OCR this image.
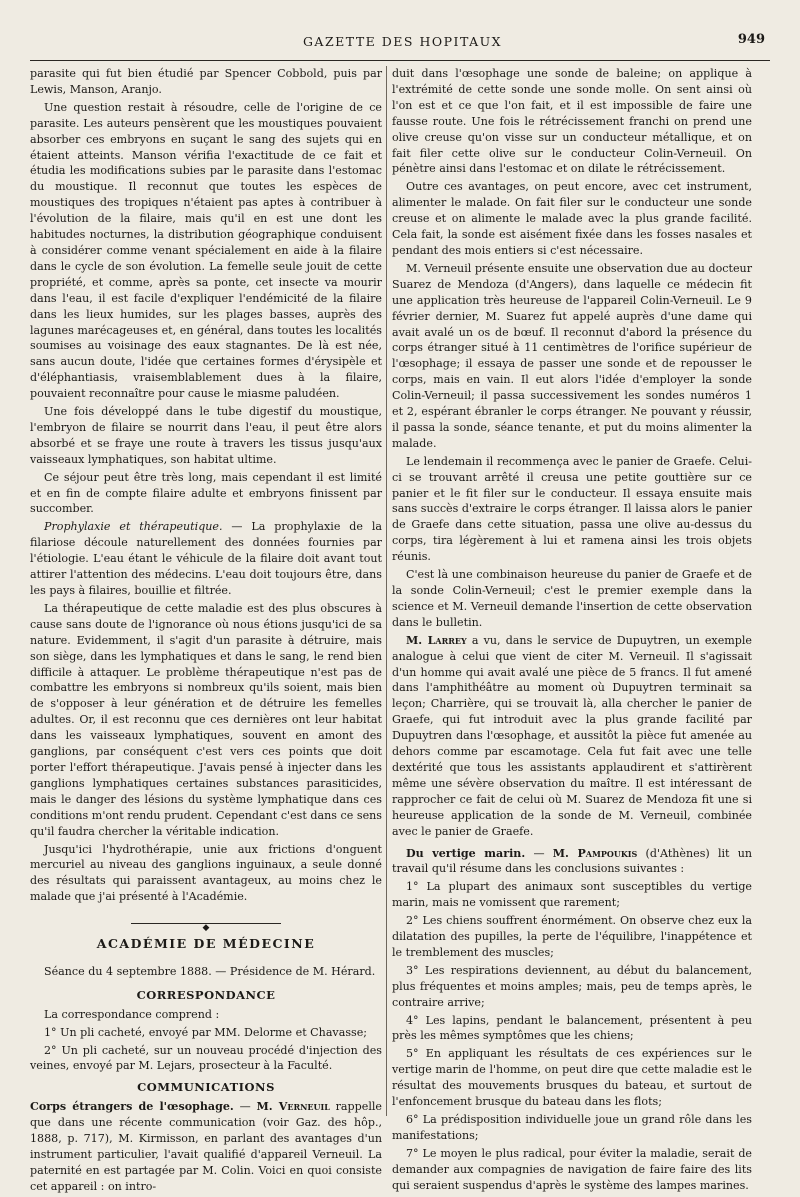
GAZETTE DES HOPITAUX	949

parasite qui fut bien étudié par Spencer Cobbold, puis par Lewis, Manson, Aranjo.

Une question restait à résoudre, celle de l'origine de ce parasite. Les auteurs pensèrent que les moustiques pouvaient absorber ces embryons en suçant le sang des sujets qui en étaient atteints. Manson vérifia l'exactitude de ce fait et étudia les modifications subies par le parasite dans l'estomac du moustique. Il reconnut que toutes les espèces de moustiques des tropiques n'étaient pas aptes à contribuer à l'évolution de la filaire, mais qu'il en est une dont les habitudes nocturnes, la distribution géographique conduisent à considérer comme venant spécialement en aide à la filaire dans le cycle de son évolution. La femelle seule jouit de cette propriété, et comme, après sa ponte, cet insecte va mourir dans l'eau, il est facile d'expliquer l'endémicité de la filaire dans les lieux humides, sur les plages basses, auprès des lagunes marécageuses et, en général, dans toutes les localités soumises au voisinage des eaux stagnantes. De là est née, sans aucun doute, l'idée que certaines formes d'érysipèle et d'éléphantiasis, vraisemblablement dues à la filaire, pouvaient reconnaître pour cause le miasme paludéen.

Une fois développé dans le tube digestif du moustique, l'embryon de filaire se nourrit dans l'eau, il peut être alors absorbé et se fraye une route à travers les tissus jusqu'aux vaisseaux lymphatiques, son habitat ultime.

Ce séjour peut être très long, mais cependant il est limité et en fin de compte filaire adulte et embryons finissent par succomber.

Prophylaxie et thérapeutique. — La prophylaxie de la filariose découle naturellement des données fournies par l'étiologie. L'eau étant le véhicule de la filaire doit avant tout attirer l'attention des médecins. L'eau doit toujours être, dans les pays à filaires, bouillie et filtrée.

La thérapeutique de cette maladie est des plus obscures à cause sans doute de l'ignorance où nous étions jusqu'ici de sa nature. Evidemment, il s'agit d'un parasite à détruire, mais son siège, dans les lymphatiques et dans le sang, le rend bien difficile à attaquer. Le problème thérapeutique n'est pas de combattre les embryons si nombreux qu'ils soient, mais bien de s'opposer à leur génération et de détruire les femelles adultes. Or, il est reconnu que ces dernières ont leur habitat dans les vaisseaux lymphatiques, souvent en amont des ganglions, par conséquent c'est vers ces points que doit porter l'effort thérapeutique. J'avais pensé à injecter dans les ganglions lymphatiques certaines substances parasiticides, mais le danger des lésions du système lymphatique dans ces conditions m'ont rendu prudent. Cependant c'est dans ce sens qu'il faudra chercher la véritable indication.

Jusqu'ici l'hydrothérapie, unie aux frictions d'onguent mercuriel au niveau des ganglions inguinaux, a seule donné des résultats qui paraissent avantageux, au moins chez le malade que j'ai présenté à l'Académie.

◆
ACADÉMIE DE MÉDECINE

Séance du 4 septembre 1888. — Présidence de M. Hérard.

CORRESPONDANCE

La correspondance comprend :

1° Un pli cacheté, envoyé par MM. Delorme et Chavasse;

2° Un pli cacheté, sur un nouveau procédé d'injection des veines, envoyé par M. Lejars, prosecteur à la Faculté.

COMMUNICATIONS

Corps étrangers de l'œsophage. — M. Verneuil rappelle que dans une récente communication (voir Gaz. des hôp., 1888, p. 717), M. Kirmisson, en parlant des avantages d'un instrument particulier, l'avait qualifié d'appareil Verneuil. La paternité en est partagée par M. Colin. Voici en quoi consiste cet appareil : on intro-

duit dans l'œsophage une sonde de baleine; on applique à l'extrémité de cette sonde une sonde molle. On sent ainsi où l'on est et ce que l'on fait, et il est impossible de faire une fausse route. Une fois le rétrécissement franchi on prend une olive creuse qu'on visse sur un conducteur métallique, et on fait filer cette olive sur le conducteur Colin-Verneuil. On pénètre ainsi dans l'estomac et on dilate le rétrécissement.

Outre ces avantages, on peut encore, avec cet instrument, alimenter le malade. On fait filer sur le conducteur une sonde creuse et on alimente le malade avec la plus grande facilité. Cela fait, la sonde est aisément fixée dans les fosses nasales et pendant des mois entiers si c'est nécessaire.

M. Verneuil présente ensuite une observation due au docteur Suarez de Mendoza (d'Angers), dans laquelle ce médecin fit une application très heureuse de l'appareil Colin-Verneuil. Le 9 février dernier, M. Suarez fut appelé auprès d'une dame qui avait avalé un os de bœuf. Il reconnut d'abord la présence du corps étranger situé à 11 centimètres de l'orifice supérieur de l'œsophage; il essaya de passer une sonde et de repousser le corps, mais en vain. Il eut alors l'idée d'employer la sonde Colin-Verneuil; il passa successivement les sondes numéros 1 et 2, espérant ébranler le corps étranger. Ne pouvant y réussir, il passa la sonde, séance tenante, et put du moins alimenter la malade.

Le lendemain il recommença avec le panier de Graefe. Celui-ci se trouvant arrêté il creusa une petite gouttière sur ce panier et le fit filer sur le conducteur. Il essaya ensuite mais sans succès d'extraire le corps étranger. Il laissa alors le panier de Graefe dans cette situation, passa une olive au-dessus du corps, tira légèrement à lui et ramena ainsi les trois objets réunis.

C'est là une combinaison heureuse du panier de Graefe et de la sonde Colin-Verneuil; c'est le premier exemple dans la science et M. Verneuil demande l'insertion de cette observation dans le bulletin.

M. Larrey a vu, dans le service de Dupuytren, un exemple analogue à celui que vient de citer M. Verneuil. Il s'agissait d'un homme qui avait avalé une pièce de 5 francs. Il fut amené dans l'amphithéâtre au moment où Dupuytren terminait sa leçon; Charrière, qui se trouvait là, alla chercher le panier de Graefe, qui fut introduit avec la plus grande facilité par Dupuytren dans l'œsophage, et aussitôt la pièce fut amenée au dehors comme par escamotage. Cela fut fait avec une telle dextérité que tous les assistants applaudirent et s'attirèrent même une sévère observation du maître. Il est intéressant de rapprocher ce fait de celui où M. Suarez de Mendoza fit une si heureuse application de la sonde de M. Verneuil, combinée avec le panier de Graefe.

Du vertige marin. — M. Pampoukis (d'Athènes) lit un travail qu'il résume dans les conclusions suivantes :

1° La plupart des animaux sont susceptibles du vertige marin, mais ne vomissent que rarement;

2° Les chiens souffrent énormément. On observe chez eux la dilatation des pupilles, la perte de l'équilibre, l'inappétence et le tremblement des muscles;

3° Les respirations deviennent, au début du balancement, plus fréquentes et moins amples; mais, peu de temps après, le contraire arrive;

4° Les lapins, pendant le balancement, présentent à peu près les mêmes symptômes que les chiens;

5° En appliquant les résultats de ces expériences sur le vertige marin de l'homme, on peut dire que cette maladie est le résultat des mouvements brusques du bateau, et surtout de l'enfoncement brusque du bateau dans les flots;

6° La prédisposition individuelle joue un grand rôle dans les manifestations;

7° Le moyen le plus radical, pour éviter la maladie, serait de demander aux compagnies de navigation de faire faire des lits qui seraient suspendus d'après le système des lampes marines.
